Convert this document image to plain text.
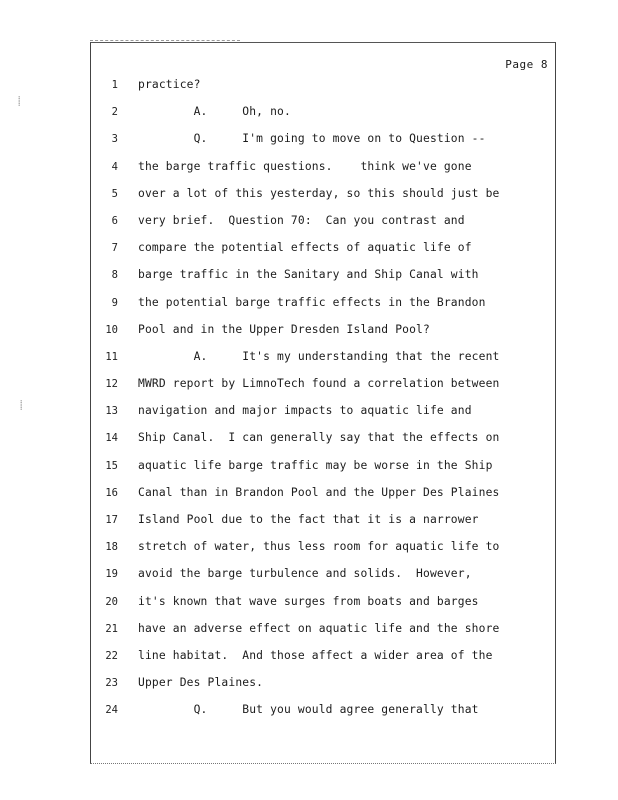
Page 8
⸽
⸽
1
2
3
4
5
6
7
8
9
10
11
12
13
14
15
16
17
18
19
20
21
22
23
24
practice?
A.     Oh, no.
Q.     I'm going to move on to Question --
the barge traffic questions.    think we've gone
over a lot of this yesterday, so this should just be
very brief.  Question 70:  Can you contrast and
compare the potential effects of aquatic life of
barge traffic in the Sanitary and Ship Canal with
the potential barge traffic effects in the Brandon
Pool and in the Upper Dresden Island Pool?
A.     It's my understanding that the recent
MWRD report by LimnoTech found a correlation between
navigation and major impacts to aquatic life and
Ship Canal.  I can generally say that the effects on
aquatic life barge traffic may be worse in the Ship
Canal than in Brandon Pool and the Upper Des Plaines
Island Pool due to the fact that it is a narrower
stretch of water, thus less room for aquatic life to
avoid the barge turbulence and solids.  However,
it's known that wave surges from boats and barges
have an adverse effect on aquatic life and the shore
line habitat.  And those affect a wider area of the
Upper Des Plaines.
Q.     But you would agree generally that
